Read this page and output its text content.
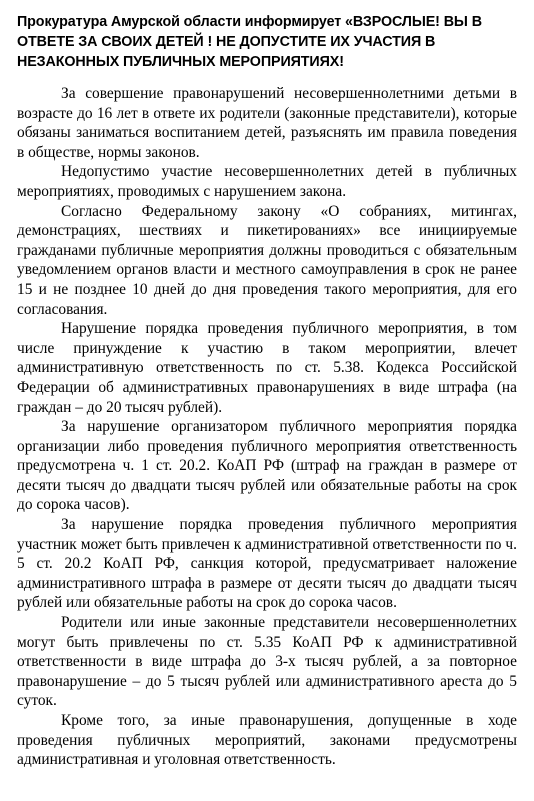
Прокуратура Амурской области информирует «ВЗРОСЛЫЕ! ВЫ В ОТВЕТЕ ЗА СВОИХ ДЕТЕЙ ! НЕ ДОПУСТИТЕ ИХ УЧАСТИЯ В НЕЗАКОННЫХ ПУБЛИЧНЫХ МЕРОПРИЯТИЯХ!

За совершение правонарушений несовершеннолетними детьми в возрасте до 16 лет в ответе их родители (законные представители), которые обязаны заниматься воспитанием детей, разъяснять им правила поведения в обществе, нормы законов.

Недопустимо участие несовершеннолетних детей в публичных мероприятиях, проводимых с нарушением закона.

Согласно Федеральному закону «О собраниях, митингах, демонстрациях, шествиях и пикетированиях» все инициируемые гражданами публичные мероприятия должны проводиться с обязательным уведомлением органов власти и местного самоуправления в срок не ранее 15 и не позднее 10 дней до дня проведения такого мероприятия, для его согласования.

Нарушение порядка проведения публичного мероприятия, в том числе принуждение к участию в таком мероприятии, влечет административную ответственность по ст. 5.38. Кодекса Российской Федерации об административных правонарушениях в виде штрафа (на граждан – до 20 тысяч рублей).

За нарушение организатором публичного мероприятия порядка организации либо проведения публичного мероприятия ответственность предусмотрена ч. 1 ст. 20.2. КоАП РФ (штраф на граждан в размере от десяти тысяч до двадцати тысяч рублей или обязательные работы на срок до сорока часов).

За нарушение порядка проведения публичного мероприятия участник может быть привлечен к административной ответственности по ч. 5 ст. 20.2 КоАП РФ, санкция которой, предусматривает наложение административного штрафа в размере от десяти тысяч до двадцати тысяч рублей или обязательные работы на срок до сорока часов.

Родители или иные законные представители несовершеннолетних могут быть привлечены по ст. 5.35 КоАП РФ к административной ответственности в виде штрафа до 3-х тысяч рублей, а за повторное правонарушение – до 5 тысяч рублей или административного ареста до 5 суток.

Кроме того, за иные правонарушения, допущенные в ходе проведения публичных мероприятий, законами предусмотрены административная и уголовная ответственность.
